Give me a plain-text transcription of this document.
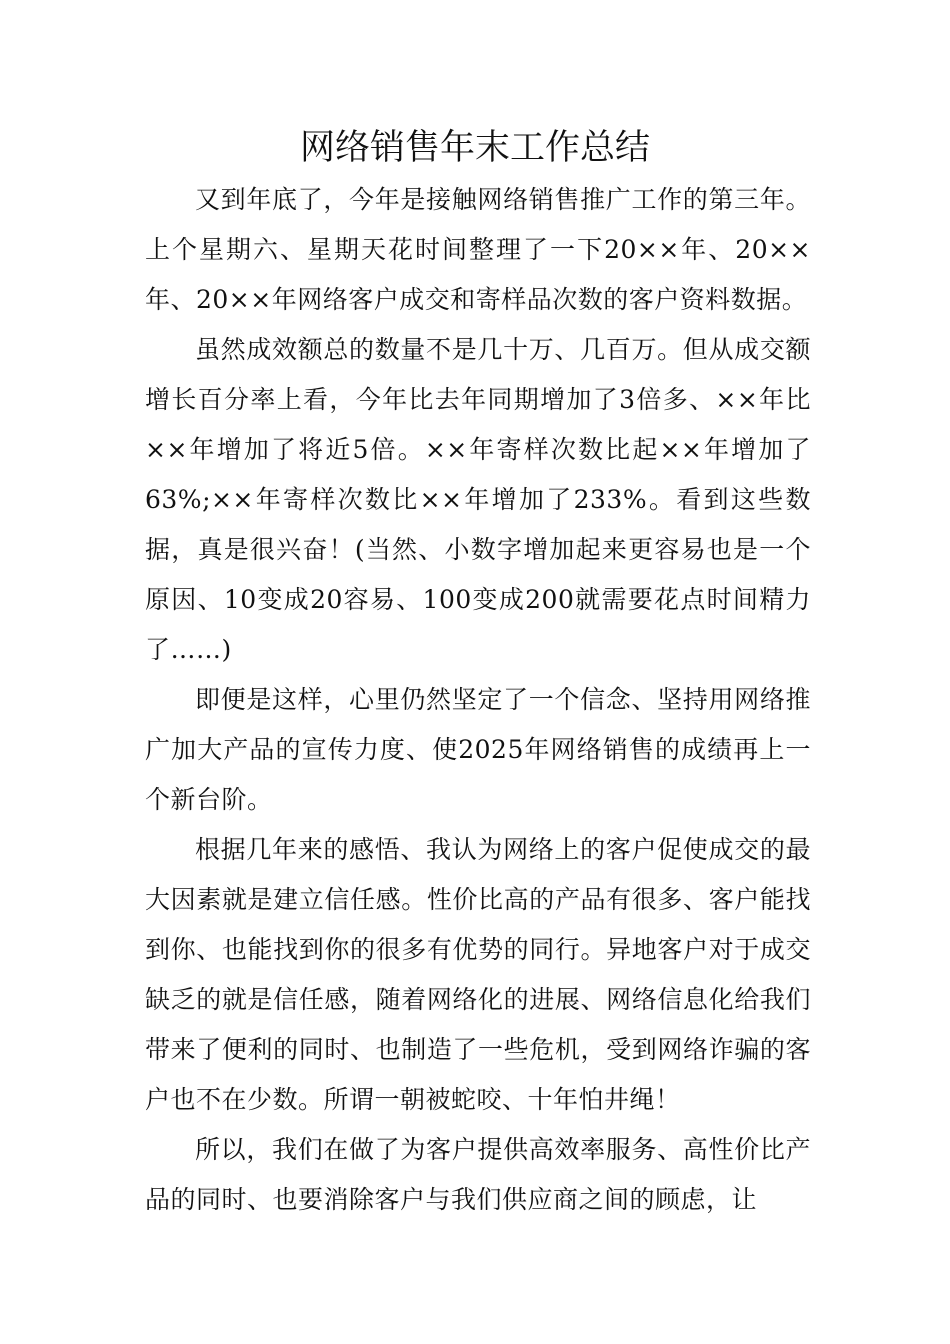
网络销售年末工作总结

又到年底了，今年是接触网络销售推广工作的第三年。上个星期六、星期天花时间整理了一下20××年、20××年、20××年网络客户成交和寄样品次数的客户资料数据。

虽然成效额总的数量不是几十万、几百万。但从成交额增长百分率上看，今年比去年同期增加了3倍多、××年比××年增加了将近5倍。××年寄样次数比起××年增加了63%;××年寄样次数比××年增加了233%。看到这些数据，真是很兴奋！(当然、小数字增加起来更容易也是一个原因、10变成20容易、100变成200就需要花点时间精力了……)

即便是这样，心里仍然坚定了一个信念、坚持用网络推广加大产品的宣传力度、使2025年网络销售的成绩再上一个新台阶。

根据几年来的感悟、我认为网络上的客户促使成交的最大因素就是建立信任感。性价比高的产品有很多、客户能找到你、也能找到你的很多有优势的同行。异地客户对于成交缺乏的就是信任感，随着网络化的进展、网络信息化给我们带来了便利的同时、也制造了一些危机，受到网络诈骗的客户也不在少数。所谓一朝被蛇咬、十年怕井绳！

所以，我们在做了为客户提供高效率服务、高性价比产品的同时、也要消除客户与我们供应商之间的顾虑，让
